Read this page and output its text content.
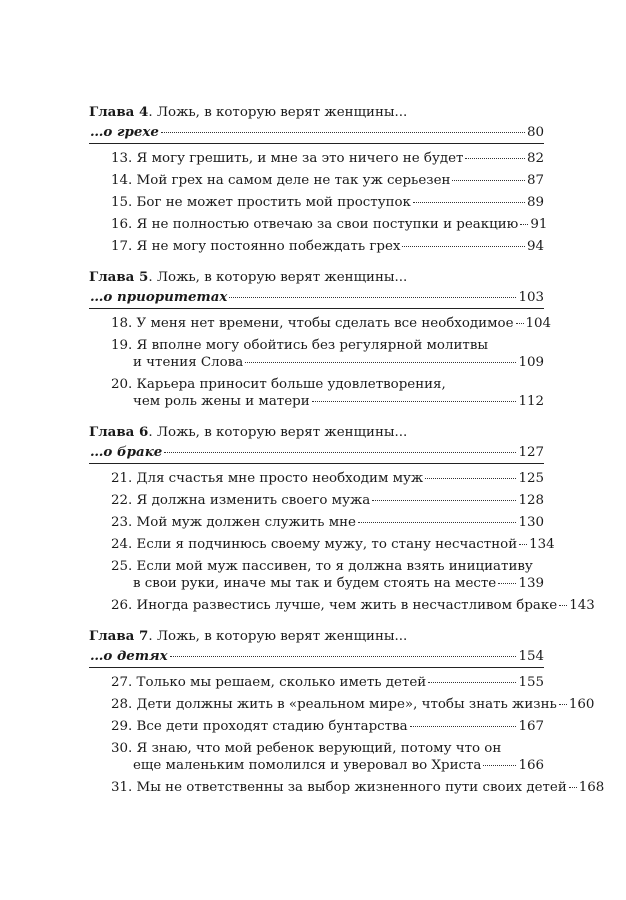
Глава 4. Ложь, в которую верят женщины...
…о грехе	80
13. Я могу грешить, и мне за это ничего не будет	82
14. Мой грех на самом деле не так уж серьезен	87
15. Бог не может простить мой проступок	89
16. Я не полностью отвечаю за свои поступки и реакцию 91
17. Я не могу постоянно побеждать грех	94
Глава 5. Ложь, в которую верят женщины...
…о приоритетах	103
18. У меня нет времени, чтобы сделать все необходимое 104
19. Я вполне могу обойтись без регулярной молитвы
и чтения Слова	109
20. Карьера приносит больше удовлетворения,
чем роль жены и матери	112
Глава 6. Ложь, в которую верят женщины...
…о браке	127
21. Для счастья мне просто необходим муж	125
22. Я должна изменить своего мужа	128
23. Мой муж должен служить мне	130
24. Если я подчинюсь своему мужу, то стану несчастной 134
25. Если мой муж пассивен, то я должна взять инициативу
в свои руки, иначе мы так и будем стоять на месте 139
26. Иногда развестись лучше, чем жить в несчастливом браке 143
Глава 7. Ложь, в которую верят женщины...
…о детях	154
27. Только мы решаем, сколько иметь детей	155
28. Дети должны жить в «реальном мире», чтобы знать жизнь 160
29. Все дети проходят стадию бунтарства	167
30. Я знаю, что мой ребенок верующий, потому что он
еще маленьким помолился и уверовал во Христа	166
31. Мы не ответственны за выбор жизненного пути своих детей 168
